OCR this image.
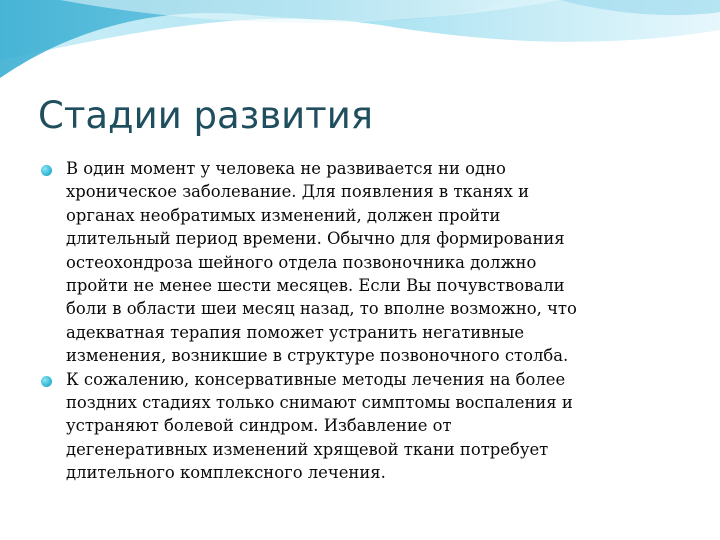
Стадии развития
В один момент у человека не развивается ни одно
хроническое заболевание. Для появления в тканях и
органах необратимых изменений, должен пройти
длительный период времени. Обычно для формирования
остеохондроза шейного отдела позвоночника должно
пройти не менее шести месяцев. Если Вы почувствовали
боли в области шеи месяц назад, то вполне возможно, что
адекватная терапия поможет устранить негативные
изменения, возникшие в структуре позвоночного столба.
К сожалению, консервативные методы лечения на более
поздних стадиях только снимают симптомы воспаления и
устраняют болевой синдром. Избавление от
дегенеративных изменений хрящевой ткани потребует
длительного комплексного лечения.
